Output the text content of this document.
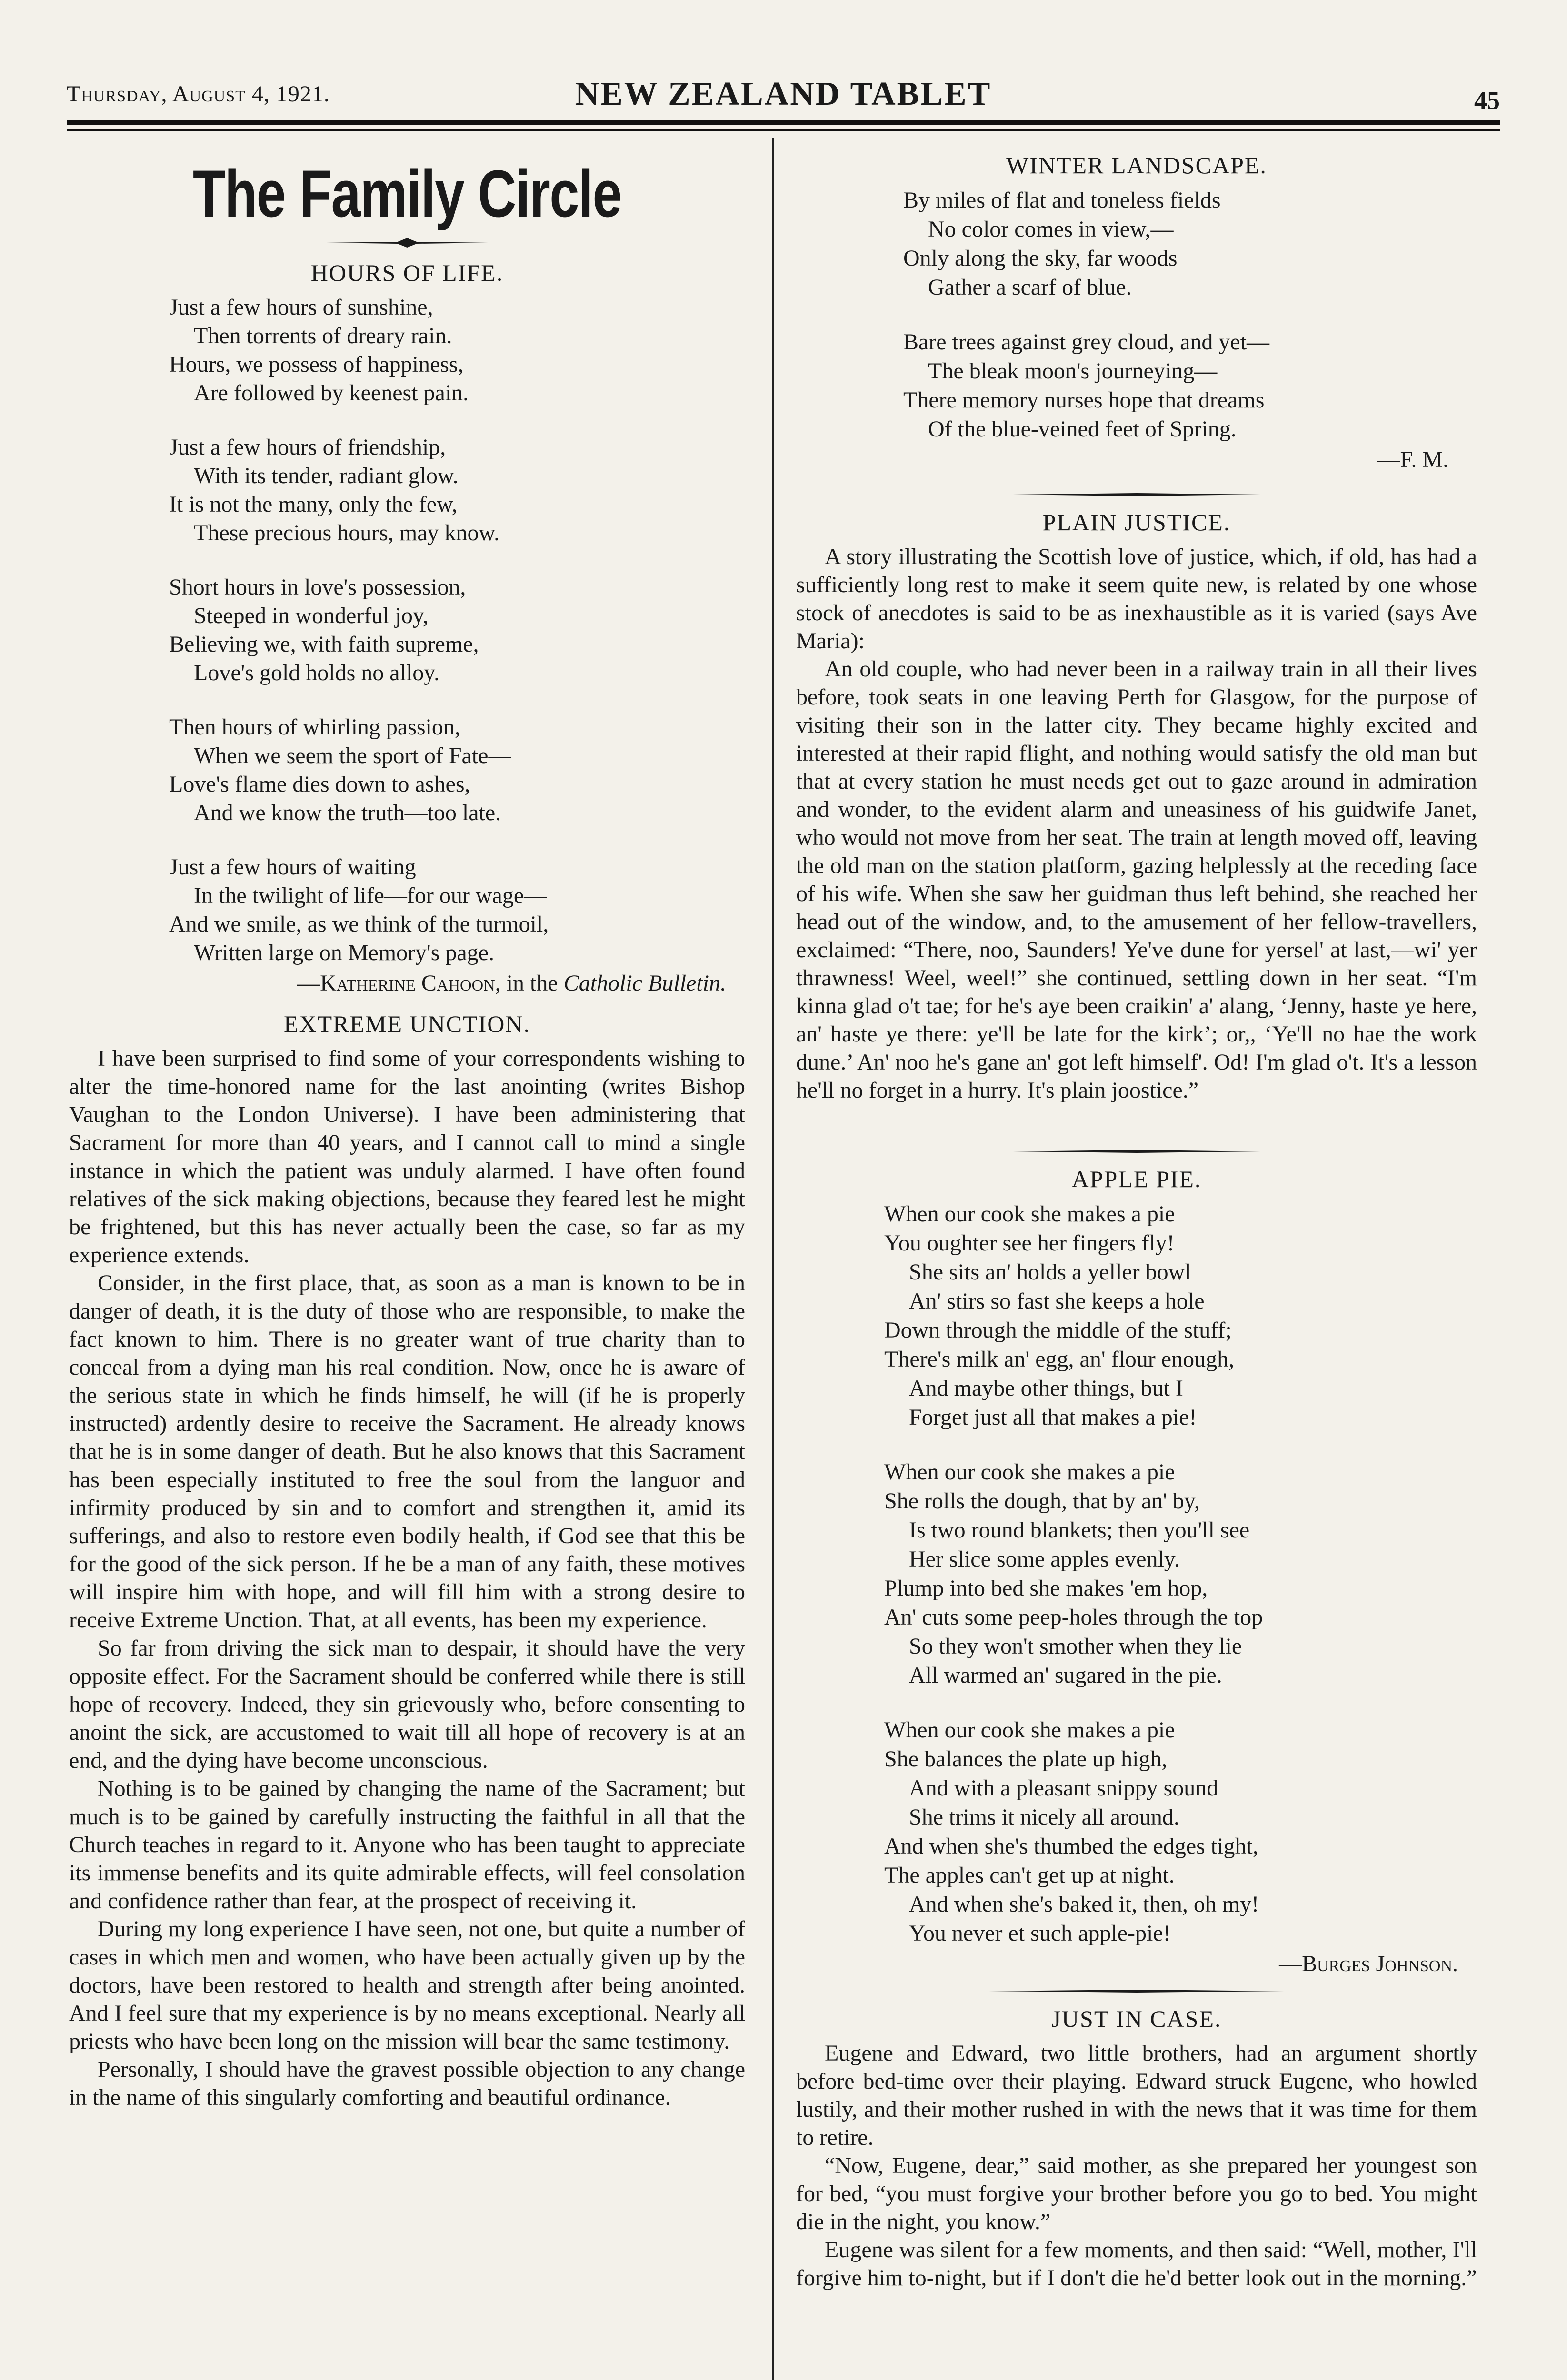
Thursday, August 4, 1921.	NEW ZEALAND TABLET	45
The Family Circle
HOURS OF LIFE.
Just a few hours of sunshine,
Then torrents of dreary rain.
Hours, we possess of happiness,
Are followed by keenest pain.
Just a few hours of friendship,
With its tender, radiant glow.
It is not the many, only the few,
These precious hours, may know.
Short hours in love's possession,
Steeped in wonderful joy,
Believing we, with faith supreme,
Love's gold holds no alloy.
Then hours of whirling passion,
When we seem the sport of Fate—
Love's flame dies down to ashes,
And we know the truth—too late.
Just a few hours of waiting
In the twilight of life—for our wage—
And we smile, as we think of the turmoil,
Written large on Memory's page.
—Katherine Cahoon, in the Catholic Bulletin.
EXTREME UNCTION.

I have been surprised to find some of your correspondents wishing to alter the time-honored name for the last anointing (writes Bishop Vaughan to the London Universe). I have been administering that Sacrament for more than 40 years, and I cannot call to mind a single instance in which the patient was unduly alarmed. I have often found relatives of the sick making objections, because they feared lest he might be frightened, but this has never actually been the case, so far as my experience extends.

Consider, in the first place, that, as soon as a man is known to be in danger of death, it is the duty of those who are responsible, to make the fact known to him. There is no greater want of true charity than to conceal from a dying man his real condition. Now, once he is aware of the serious state in which he finds himself, he will (if he is properly instructed) ardently desire to receive the Sacrament. He already knows that he is in some danger of death. But he also knows that this Sacrament has been especially instituted to free the soul from the languor and infirmity produced by sin and to comfort and strengthen it, amid its sufferings, and also to restore even bodily health, if God see that this be for the good of the sick person. If he be a man of any faith, these motives will inspire him with hope, and will fill him with a strong desire to receive Extreme Unction. That, at all events, has been my experience.

So far from driving the sick man to despair, it should have the very opposite effect. For the Sacrament should be conferred while there is still hope of recovery. Indeed, they sin grievously who, before consenting to anoint the sick, are accustomed to wait till all hope of recovery is at an end, and the dying have become unconscious.

Nothing is to be gained by changing the name of the Sacrament; but much is to be gained by carefully instructing the faithful in all that the Church teaches in regard to it. Anyone who has been taught to appreciate its immense benefits and its quite admirable effects, will feel consolation and confidence rather than fear, at the prospect of receiving it.

During my long experience I have seen, not one, but quite a number of cases in which men and women, who have been actually given up by the doctors, have been restored to health and strength after being anointed. And I feel sure that my experience is by no means exceptional. Nearly all priests who have been long on the mission will bear the same testimony.

Personally, I should have the gravest possible objection to any change in the name of this singularly comforting and beautiful ordinance.

WINTER LANDSCAPE.
By miles of flat and toneless fields
No color comes in view,—
Only along the sky, far woods
Gather a scarf of blue.
Bare trees against grey cloud, and yet—
The bleak moon's journeying—
There memory nurses hope that dreams
Of the blue-veined feet of Spring.
—F. M.
PLAIN JUSTICE.

A story illustrating the Scottish love of justice, which, if old, has had a sufficiently long rest to make it seem quite new, is related by one whose stock of anecdotes is said to be as inexhaustible as it is varied (says Ave Maria):

An old couple, who had never been in a railway train in all their lives before, took seats in one leaving Perth for Glasgow, for the purpose of visiting their son in the latter city. They became highly excited and interested at their rapid flight, and nothing would satisfy the old man but that at every station he must needs get out to gaze around in admiration and wonder, to the evident alarm and uneasiness of his guidwife Janet, who would not move from her seat. The train at length moved off, leaving the old man on the station platform, gazing helplessly at the receding face of his wife. When she saw her guidman thus left behind, she reached her head out of the window, and, to the amusement of her fellow-travellers, exclaimed: “There, noo, Saunders! Ye've dune for yersel' at last,—wi' yer thrawness! Weel, weel!” she continued, settling down in her seat. “I'm kinna glad o't tae; for he's aye been craikin' a' alang, ‘Jenny, haste ye here, an' haste ye there: ye'll be late for the kirk’; or,, ‘Ye'll no hae the work dune.’ An' noo he's gane an' got left himself'. Od! I'm glad o't. It's a lesson he'll no forget in a hurry. It's plain joostice.”

APPLE PIE.
When our cook she makes a pie
You oughter see her fingers fly!
She sits an' holds a yeller bowl
An' stirs so fast she keeps a hole
Down through the middle of the stuff;
There's milk an' egg, an' flour enough,
And maybe other things, but I
Forget just all that makes a pie!
When our cook she makes a pie
She rolls the dough, that by an' by,
Is two round blankets; then you'll see
Her slice some apples evenly.
Plump into bed she makes 'em hop,
An' cuts some peep-holes through the top
So they won't smother when they lie
All warmed an' sugared in the pie.
When our cook she makes a pie
She balances the plate up high,
And with a pleasant snippy sound
She trims it nicely all around.
And when she's thumbed the edges tight,
The apples can't get up at night.
And when she's baked it, then, oh my!
You never et such apple-pie!
—Burges Johnson.
JUST IN CASE.

Eugene and Edward, two little brothers, had an argument shortly before bed-time over their playing. Edward struck Eugene, who howled lustily, and their mother rushed in with the news that it was time for them to retire.

“Now, Eugene, dear,” said mother, as she prepared her youngest son for bed, “you must forgive your brother before you go to bed. You might die in the night, you know.”

Eugene was silent for a few moments, and then said: “Well, mother, I'll forgive him to-night, but if I don't die he'd better look out in the morning.”
